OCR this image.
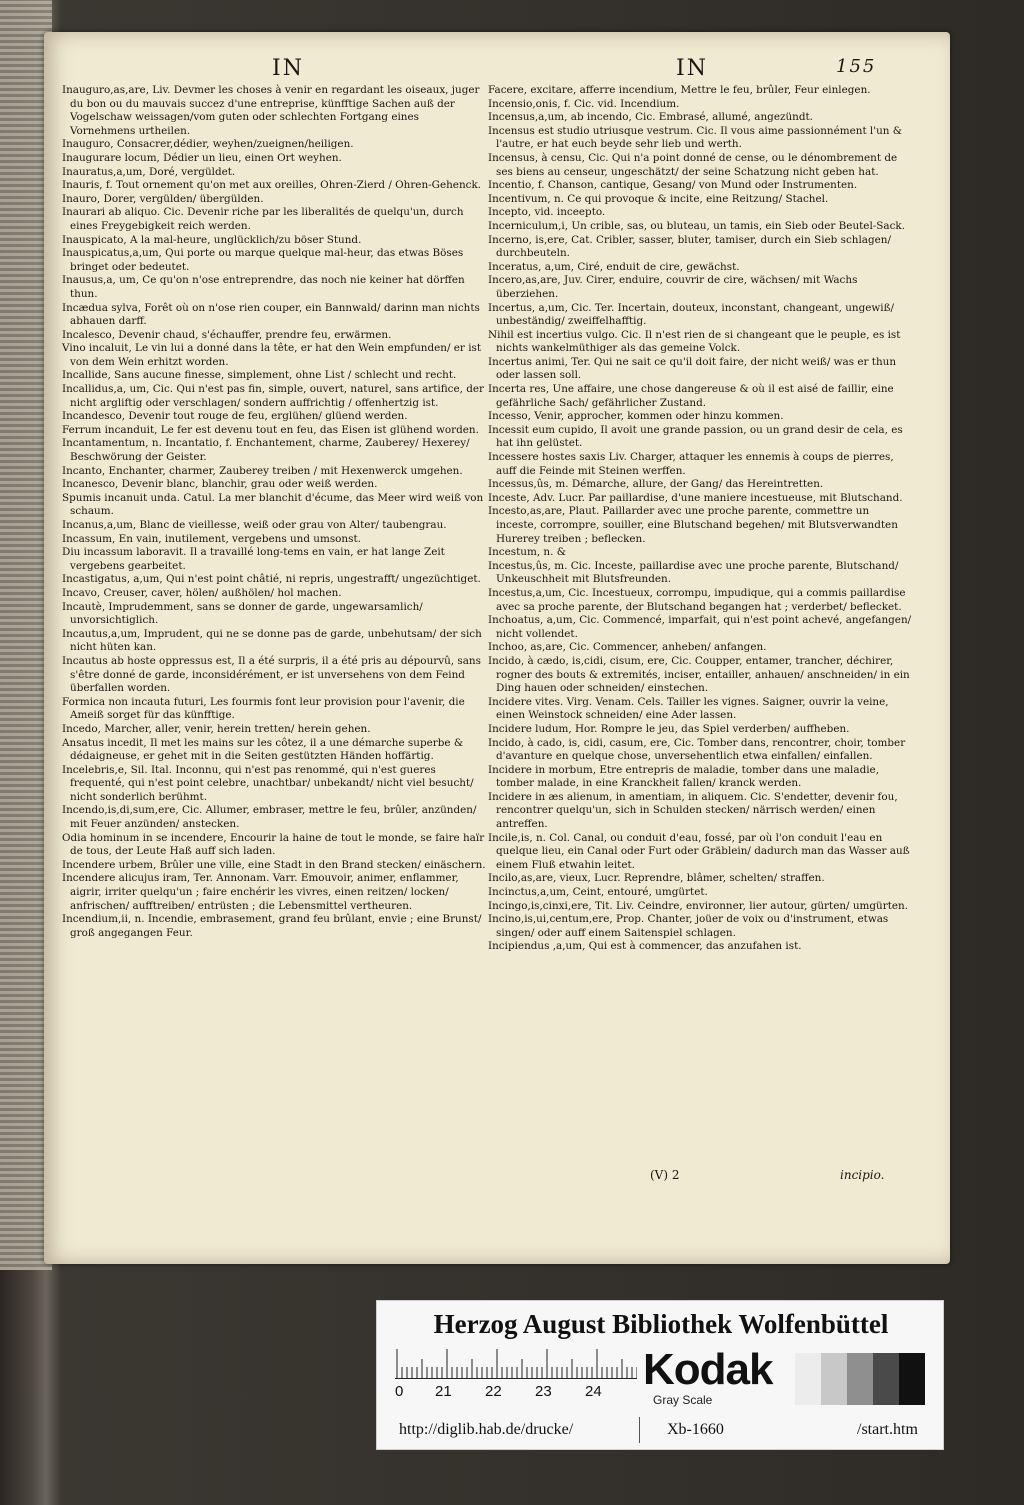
IN	IN	155
Inauguro,as,are, Liv. Devmer les choses à venir en regardant les oiseaux, juger du bon ou du mauvais succez d'une entreprise, künfftige Sachen auß der Vogelschaw weissagen/vom guten oder schlechten Fortgang eines Vornehmens urtheilen.
Inauguro, Consacrer,dédier, weyhen/zueignen/heiligen.
Inaugurare locum, Dédier un lieu, einen Ort weyhen.
Inauratus,a,um, Doré, vergüldet.
Inauris, f. Tout ornement qu'on met aux oreilles, Ohren-Zierd / Ohren-Gehenck.
Inauro, Dorer, vergülden/ übergülden.
Inaurari ab aliquo. Cic. Devenir riche par les liberalités de quelqu'un, durch eines Freygebigkeit reich werden.
Inauspicato, A la mal-heure, unglücklich/zu böser Stund.
Inauspicatus,a,um, Qui porte ou marque quelque mal-heur, das etwas Böses bringet oder bedeutet.
Inausus,a, um, Ce qu'on n'ose entreprendre, das noch nie keiner hat dörffen thun.
Incædua sylva, Forêt où on n'ose rien couper, ein Bannwald/ darinn man nichts abhauen darff.
Incalesco, Devenir chaud, s'échauffer, prendre feu, erwärmen.
Vino incaluit, Le vin lui a donné dans la tête, er hat den Wein empfunden/ er ist von dem Wein erhitzt worden.
Incallide, Sans aucune finesse, simplement, ohne List / schlecht und recht.
Incallidus,a, um, Cic. Qui n'est pas fin, simple, ouvert, naturel, sans artifice, der nicht argliftig oder verschlagen/ sondern auffrichtig / offenhertzig ist.
Incandesco, Devenir tout rouge de feu, erglühen/ glüend werden.
Ferrum incanduit, Le fer est devenu tout en feu, das Eisen ist glühend worden.
Incantamentum, n. Incantatio, f. Enchantement, charme, Zauberey/ Hexerey/ Beschwörung der Geister.
Incanto, Enchanter, charmer, Zauberey treiben / mit Hexenwerck umgehen.
Incanesco, Devenir blanc, blanchir, grau oder weiß werden.
Spumis incanuit unda. Catul. La mer blanchit d'écume, das Meer wird weiß von schaum.
Incanus,a,um, Blanc de vieillesse, weiß oder grau von Alter/ taubengrau.
Incassum, En vain, inutilement, vergebens und umsonst.
Diu incassum laboravit. Il a travaillé long-tems en vain, er hat lange Zeit vergebens gearbeitet.
Incastigatus, a,um, Qui n'est point châtié, ni repris, ungestrafft/ ungezüchtiget.
Incavo, Creuser, caver, hölen/ außhölen/ hol machen.
Incautè, Imprudemment, sans se donner de garde, ungewarsamlich/ unvorsichtiglich.
Incautus,a,um, Imprudent, qui ne se donne pas de garde, unbehutsam/ der sich nicht hüten kan.
Incautus ab hoste oppressus est, Il a été surpris, il a été pris au dépourvû, sans s'être donné de garde, inconsidérément, er ist unversehens von dem Feind überfallen worden.
Formica non incauta futuri, Les fourmis font leur provision pour l'avenir, die Ameiß sorget für das künfftige.
Incedo, Marcher, aller, venir, herein tretten/ herein gehen.
Ansatus incedit, Il met les mains sur les côtez, il a une démarche superbe & dédaigneuse, er gehet mit in die Seiten gestützten Händen hoffärtig.
Incelebris,e, Sil. Ital. Inconnu, qui n'est pas renommé, qui n'est gueres frequenté, qui n'est point celebre, unachtbar/ unbekandt/ nicht viel besucht/ nicht sonderlich berühmt.
Incendo,is,di,sum,ere, Cic. Allumer, embraser, mettre le feu, brûler, anzünden/ mit Feuer anzünden/ anstecken.
Odia hominum in se incendere, Encourir la haine de tout le monde, se faire haïr de tous, der Leute Haß auff sich laden.
Incendere urbem, Brûler une ville, eine Stadt in den Brand stecken/ einäschern.
Incendere alicujus iram, Ter. Annonam. Varr. Emouvoir, animer, enflammer, aigrir, irriter quelqu'un ; faire enchérir les vivres, einen reitzen/ locken/ anfrischen/ aufftreiben/ entrüsten ; die Lebensmittel vertheuren.
Incendium,ii, n. Incendie, embrasement, grand feu brûlant, envie ; eine Brunst/ groß angegangen Feur.
Facere, excitare, afferre incendium, Mettre le feu, brûler, Feur einlegen.
Incensio,onis, f. Cic. vid. Incendium.
Incensus,a,um, ab incendo, Cic. Embrasé, allumé, angezündt.
Incensus est studio utriusque vestrum. Cic. Il vous aime passionnément l'un & l'autre, er hat euch beyde sehr lieb und werth.
Incensus, à censu, Cic. Qui n'a point donné de cense, ou le dénombrement de ses biens au censeur, ungeschätzt/ der seine Schatzung nicht geben hat.
Incentio, f. Chanson, cantique, Gesang/ von Mund oder Instrumenten.
Incentivum, n. Ce qui provoque & incite, eine Reitzung/ Stachel.
Incepto, vid. inceepto.
Incerniculum,i, Un crible, sas, ou bluteau, un tamis, ein Sieb oder Beutel-Sack.
Incerno, is,ere, Cat. Cribler, sasser, bluter, tamiser, durch ein Sieb schlagen/ durchbeuteln.
Inceratus, a,um, Ciré, enduit de cire, gewächst.
Incero,as,are, Juv. Cirer, enduire, couvrir de cire, wächsen/ mit Wachs überziehen.
Incertus, a,um, Cic. Ter. Incertain, douteux, inconstant, changeant, ungewiß/ unbeständig/ zweiffelhafftig.
Nihil est incertius vulgo. Cic. Il n'est rien de si changeant que le peuple, es ist nichts wankelmüthiger als das gemeine Volck.
Incertus animi, Ter. Qui ne sait ce qu'il doit faire, der nicht weiß/ was er thun oder lassen soll.
Incerta res, Une affaire, une chose dangereuse & où il est aisé de faillir, eine gefährliche Sach/ gefährlicher Zustand.
Incesso, Venir, approcher, kommen oder hinzu kommen.
Incessit eum cupido, Il avoit une grande passion, ou un grand desir de cela, es hat ihn gelüstet.
Incessere hostes saxis Liv. Charger, attaquer les ennemis à coups de pierres, auff die Feinde mit Steinen werffen.
Incessus,ûs, m. Démarche, allure, der Gang/ das Hereintretten.
Inceste, Adv. Lucr. Par paillardise, d'une maniere incestueuse, mit Blutschand.
Incesto,as,are, Plaut. Paillarder avec une proche parente, commettre un inceste, corrompre, souiller, eine Blutschand begehen/ mit Blutsverwandten Hurerey treiben ; beflecken.
Incestum, n. &
Incestus,ûs, m. Cic. Inceste, paillardise avec une proche parente, Blutschand/ Unkeuschheit mit Blutsfreunden.
Incestus,a,um, Cic. Incestueux, corrompu, impudique, qui a commis paillardise avec sa proche parente, der Blutschand begangen hat ; verderbet/ beflecket.
Inchoatus, a,um, Cic. Commencé, imparfait, qui n'est point achevé, angefangen/ nicht vollendet.
Inchoo, as,are, Cic. Commencer, anheben/ anfangen.
Incido, à cædo, is,cidi, cisum, ere, Cic. Coupper, entamer, trancher, déchirer, rogner des bouts & extremités, inciser, entailler, anhauen/ anschneiden/ in ein Ding hauen oder schneiden/ einstechen.
Incidere vites. Virg. Venam. Cels. Tailler les vignes. Saigner, ouvrir la veine, einen Weinstock schneiden/ eine Ader lassen.
Incidere ludum, Hor. Rompre le jeu, das Spiel verderben/ auffheben.
Incido, à cado, is, cidi, casum, ere, Cic. Tomber dans, rencontrer, choir, tomber d'avanture en quelque chose, unversehentlich etwa einfallen/ einfallen.
Incidere in morbum, Etre entrepris de maladie, tomber dans une maladie, tomber malade, in eine Kranckheit fallen/ kranck werden.
Incidere in æs alienum, in amentiam, in aliquem. Cic. S'endetter, devenir fou, rencontrer quelqu'un, sich in Schulden stecken/ närrisch werden/ einen antreffen.
Incile,is, n. Col. Canal, ou conduit d'eau, fossé, par où l'on conduit l'eau en quelque lieu, ein Canal oder Furt oder Gräblein/ dadurch man das Wasser auß einem Fluß etwahin leitet.
Incilo,as,are, vieux, Lucr. Reprendre, blâmer, schelten/ straffen.
Incinctus,a,um, Ceint, entouré, umgürtet.
Incingo,is,cinxi,ere, Tit. Liv. Ceindre, environner, lier autour, gürten/ umgürten.
Incino,is,ui,centum,ere, Prop. Chanter, joüer de voix ou d'instrument, etwas singen/ oder auff einem Saitenspiel schlagen.
Incipiendus ,a,um, Qui est à commencer, das anzufahen ist.
(V) 2	incipio.
Herzog August Bibliothek Wolfenbüttel
0 21 22 23 24 Kodak
Gray Scale
http://diglib.hab.de/drucke/	Xb-1660	/start.htm
